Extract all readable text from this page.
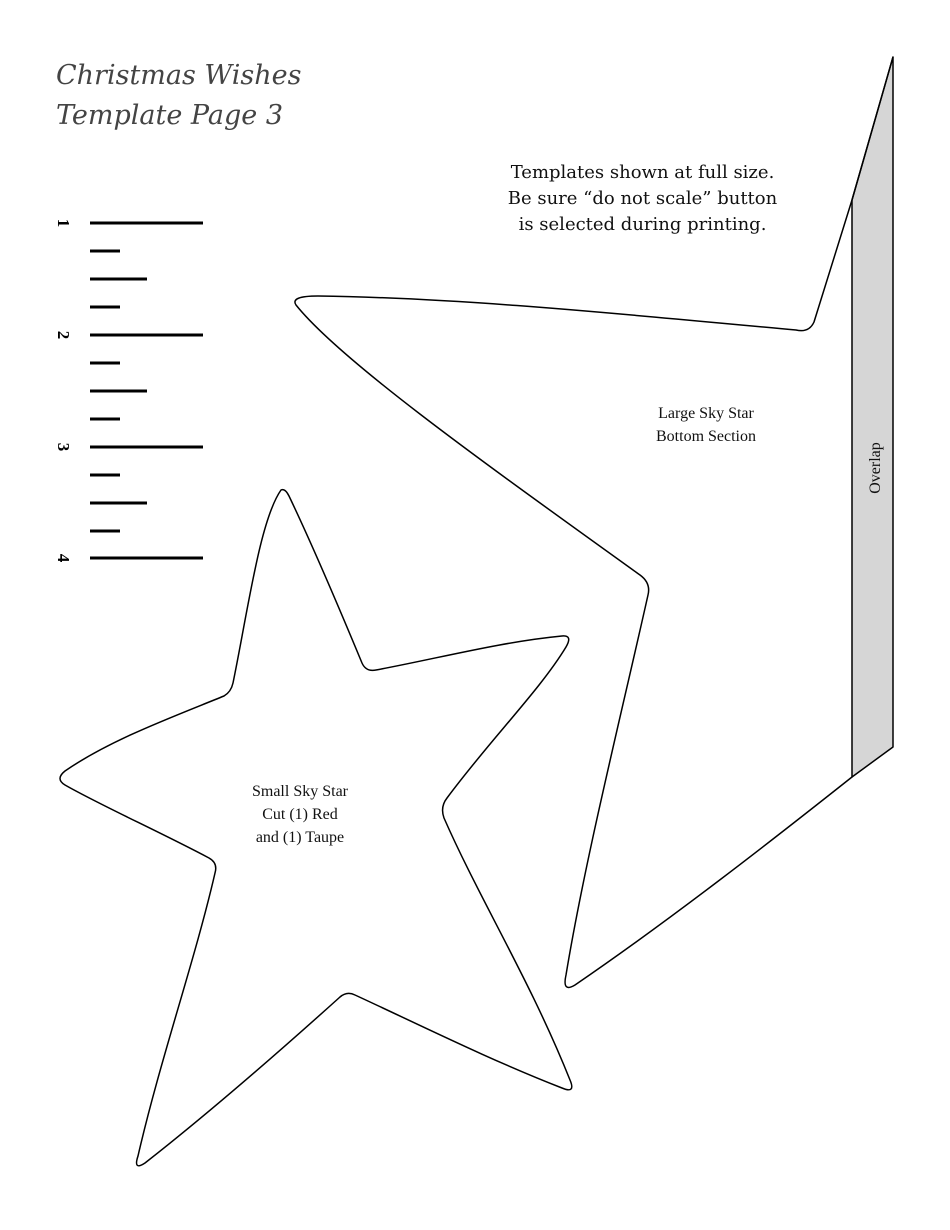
Christmas Wishes
Template Page 3
Templates shown at full size.
Be sure “do not scale” button
is selected during printing.
1
2
3
4
Overlap
Large Sky Star
Bottom Section
Small Sky Star
Cut (1) Red
and (1) Taupe
